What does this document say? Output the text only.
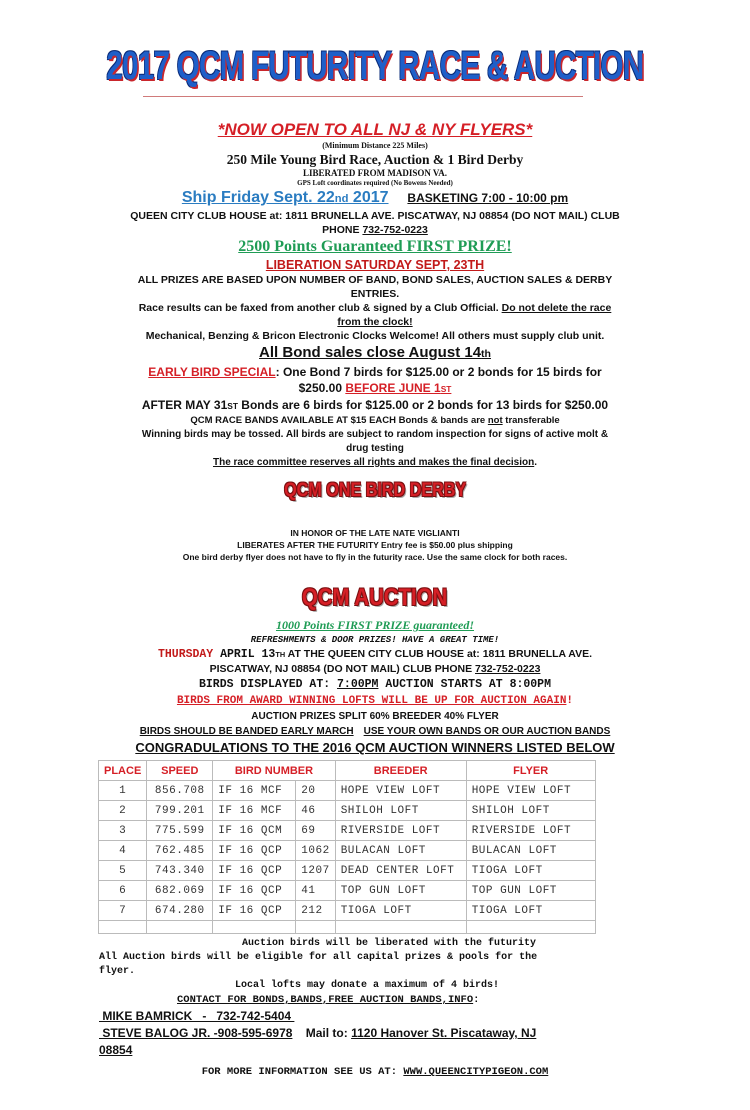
2017 QCM FUTURITY RACE & AUCTION
*NOW OPEN TO ALL NJ & NY FLYERS*
(Minimum Distance 225 Miles)
250 Mile Young Bird Race, Auction & 1 Bird Derby
LIBERATED FROM MADISON VA.
GPS Loft coordinates required (No Bowens Needed)
Ship Friday Sept. 22nd 2017 BASKETING 7:00 - 10:00 pm
QUEEN CITY CLUB HOUSE at: 1811 BRUNELLA AVE. PISCATWAY, NJ 08854 (DO NOT MAIL) CLUB
PHONE 732-752-0223
2500 Points Guaranteed FIRST PRIZE!
LIBERATION SATURDAY SEPT, 23TH
ALL PRIZES ARE BASED UPON NUMBER OF BAND, BOND SALES, AUCTION SALES & DERBY
ENTRIES.
Race results can be faxed from another club & signed by a Club Official. Do not delete the race
from the clock!
Mechanical, Benzing & Bricon Electronic Clocks Welcome! All others must supply club unit.
All Bond sales close August 14th
EARLY BIRD SPECIAL: One Bond 7 birds for $125.00 or 2 bonds for 15 birds for
$250.00 BEFORE JUNE 1ST
AFTER MAY 31ST Bonds are 6 birds for $125.00 or 2 bonds for 13 birds for $250.00
QCM RACE BANDS AVAILABLE AT $15 EACH Bonds & bands are not transferable
Winning birds may be tossed. All birds are subject to random inspection for signs of active molt &
drug testing
The race committee reserves all rights and makes the final decision.
QCM ONE BIRD DERBY
IN HONOR OF THE LATE NATE VIGLIANTI
LIBERATES AFTER THE FUTURITY Entry fee is $50.00 plus shipping
One bird derby flyer does not have to fly in the futurity race. Use the same clock for both races.
QCM AUCTION
1000 Points FIRST PRIZE guaranteed!
REFRESHMENTS & DOOR PRIZES! HAVE A GREAT TIME!
THURSDAY APRIL 13TH AT THE QUEEN CITY CLUB HOUSE at: 1811 BRUNELLA AVE.
PISCATWAY, NJ 08854 (DO NOT MAIL) CLUB PHONE 732-752-0223
BIRDS DISPLAYED AT: 7:00PM AUCTION STARTS AT 8:00PM
BIRDS FROM AWARD WINNING LOFTS WILL BE UP FOR AUCTION AGAIN!
AUCTION PRIZES SPLIT 60% BREEDER 40% FLYER
BIRDS SHOULD BE BANDED EARLY MARCH USE YOUR OWN BANDS OR OUR AUCTION BANDS
CONGRADULATIONS TO THE 2016 QCM AUCTION WINNERS LISTED BELOW
PLACE	SPEED	BIRD NUMBER		BREEDER	FLYER
1	856.708	IF 16 MCF	20	HOPE VIEW LOFT	HOPE VIEW LOFT
2	799.201	IF 16 MCF	46	SHILOH LOFT	SHILOH LOFT
3	775.599	IF 16 QCM	69	RIVERSIDE LOFT	RIVERSIDE LOFT
4	762.485	IF 16 QCP	1062	BULACAN LOFT	BULACAN LOFT
5	743.340	IF 16 QCP	1207	DEAD CENTER LOFT	TIOGA LOFT
6	682.069	IF 16 QCP	41	TOP GUN LOFT	TOP GUN LOFT
7	674.280	IF 16 QCP	212	TIOGA LOFT	TIOGA LOFT

Auction birds will be liberated with the futurity
All Auction birds will be eligible for all capital prizes & pools for the
flyer.
Local lofts may donate a maximum of 4 birds!
CONTACT FOR BONDS,BANDS,FREE AUCTION BANDS,INFO:
MIKE BAMRICK   -   732-742-5404
STEVE BALOG JR. -908-595-6978    Mail to: 1120 Hanover St. Piscataway, NJ
08854
FOR MORE INFORMATION SEE US AT: WWW.QUEENCITYPIGEON.COM
